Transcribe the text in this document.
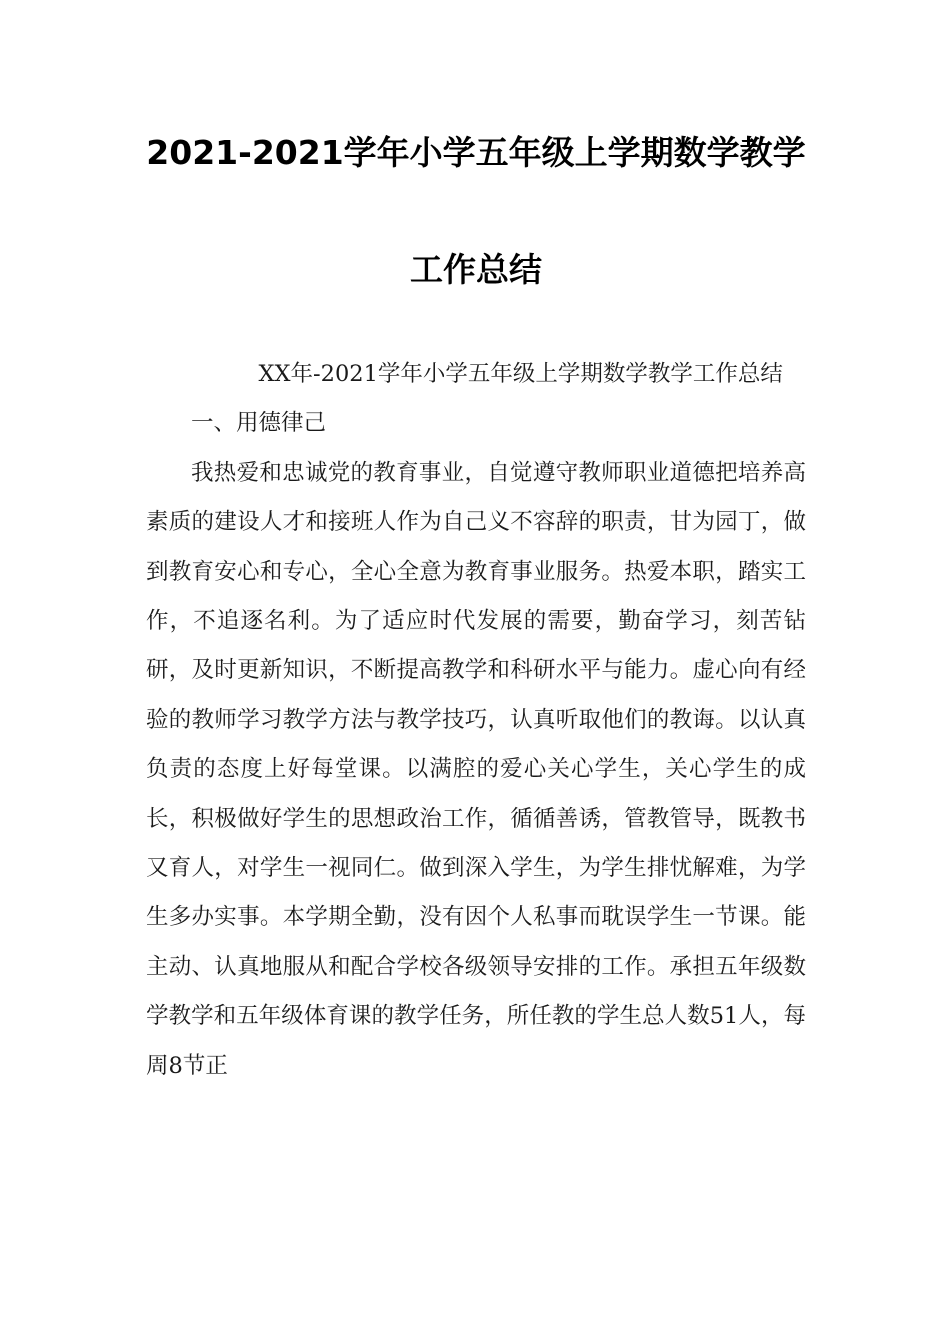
2021-2021学年小学五年级上学期数学教学
工作总结

XX年-2021学年小学五年级上学期数学教学工作总结

一、用德律己

我热爱和忠诚党的教育事业，自觉遵守教师职业道德把培养高素质的建设人才和接班人作为自己义不容辞的职责，甘为园丁，做到教育安心和专心，全心全意为教育事业服务。热爱本职，踏实工作，不追逐名利。为了适应时代发展的需要，勤奋学习，刻苦钻研，及时更新知识，不断提高教学和科研水平与能力。虚心向有经验的教师学习教学方法与教学技巧，认真听取他们的教诲。以认真负责的态度上好每堂课。以满腔的爱心关心学生，关心学生的成长，积极做好学生的思想政治工作，循循善诱，管教管导，既教书又育人，对学生一视同仁。做到深入学生，为学生排忧解难，为学生多办实事。本学期全勤，没有因个人私事而耽误学生一节课。能主动、认真地服从和配合学校各级领导安排的工作。承担五年级数学教学和五年级体育课的教学任务，所任教的学生总人数51人，每周8节正
